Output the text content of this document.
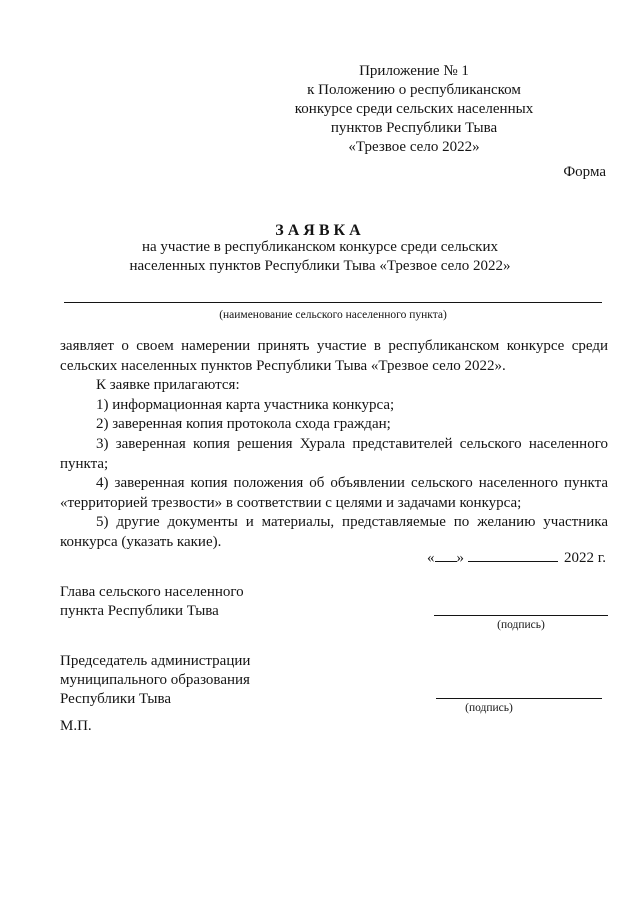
Приложение № 1
к Положению о республиканском
конкурсе среди сельских населенных
пунктов Республики Тыва
«Трезвое село 2022»
Форма
ЗАЯВКА
на участие в республиканском конкурсе среди сельских
населенных пунктов Республики Тыва «Трезвое село 2022»
(наименование сельского населенного пункта)

заявляет о своем намерении принять участие в республиканском конкурсе среди сельских населенных пунктов Республики Тыва «Трезвое село 2022».

К заявке прилагаются:

1) информационная карта участника конкурса;

2) заверенная копия протокола схода граждан;

3) заверенная копия решения Хурала представителей сельского населенного пункта;

4) заверенная копия положения об объявлении сельского населенного пункта «территорией трезвости» в соответствии с целями и задачами конкурса;

5) другие документы и материалы, представляемые по желанию участника конкурса (указать какие).

« »	2022 г.
Глава сельского населенного
пункта Республики Тыва
(подпись)
Председатель администрации
муниципального образования
Республики Тыва
(подпись)
М.П.
